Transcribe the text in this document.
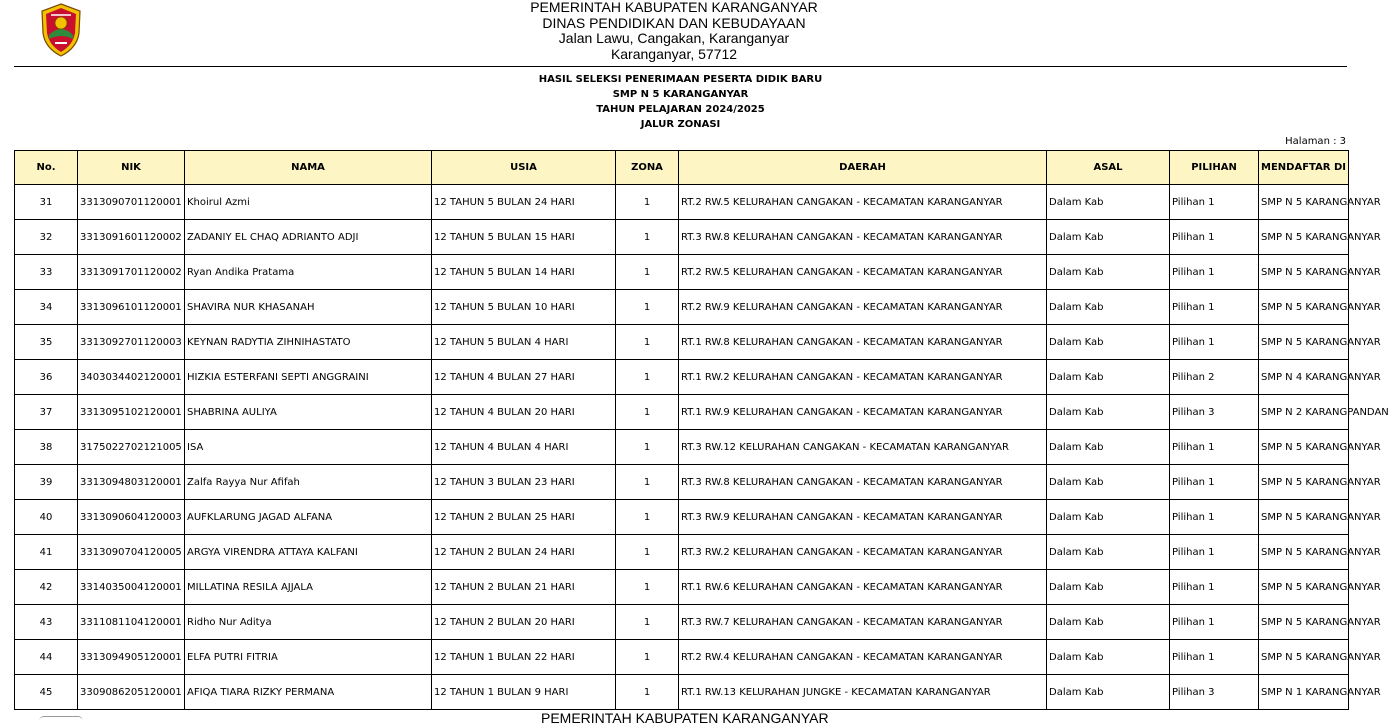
PEMERINTAH KABUPATEN KARANGANYAR
DINAS PENDIDIKAN DAN KEBUDAYAAN
Jalan Lawu, Cangakan, Karanganyar
Karanganyar, 57712
HASIL SELEKSI PENERIMAAN PESERTA DIDIK BARU
SMP N 5 KARANGANYAR
TAHUN PELAJARAN 2024/2025
JALUR ZONASI
Halaman : 3
No.	NIK	NAMA	USIA	ZONA	DAERAH	ASAL	PILIHAN	MENDAFTAR DI
31	3313090701120001	Khoirul Azmi	12 TAHUN 5 BULAN 24 HARI	1	RT.2 RW.5 KELURAHAN CANGAKAN - KECAMATAN KARANGANYAR	Dalam Kab	Pilihan 1	SMP N 5 KARANGANYAR
32	3313091601120002	ZADANIY EL CHAQ ADRIANTO ADJI	12 TAHUN 5 BULAN 15 HARI	1	RT.3 RW.8 KELURAHAN CANGAKAN - KECAMATAN KARANGANYAR	Dalam Kab	Pilihan 1	SMP N 5 KARANGANYAR
33	3313091701120002	Ryan Andika Pratama	12 TAHUN 5 BULAN 14 HARI	1	RT.2 RW.5 KELURAHAN CANGAKAN - KECAMATAN KARANGANYAR	Dalam Kab	Pilihan 1	SMP N 5 KARANGANYAR
34	3313096101120001	SHAVIRA NUR KHASANAH	12 TAHUN 5 BULAN 10 HARI	1	RT.2 RW.9 KELURAHAN CANGAKAN - KECAMATAN KARANGANYAR	Dalam Kab	Pilihan 1	SMP N 5 KARANGANYAR
35	3313092701120003	KEYNAN RADYTIA ZIHNIHASTATO	12 TAHUN 5 BULAN 4 HARI	1	RT.1 RW.8 KELURAHAN CANGAKAN - KECAMATAN KARANGANYAR	Dalam Kab	Pilihan 1	SMP N 5 KARANGANYAR
36	3403034402120001	HIZKIA ESTERFANI SEPTI ANGGRAINI	12 TAHUN 4 BULAN 27 HARI	1	RT.1 RW.2 KELURAHAN CANGAKAN - KECAMATAN KARANGANYAR	Dalam Kab	Pilihan 2	SMP N 4 KARANGANYAR
37	3313095102120001	SHABRINA AULIYA	12 TAHUN 4 BULAN 20 HARI	1	RT.1 RW.9 KELURAHAN CANGAKAN - KECAMATAN KARANGANYAR	Dalam Kab	Pilihan 3	SMP N 2 KARANGPANDAN
38	3175022702121005	ISA	12 TAHUN 4 BULAN 4 HARI	1	RT.3 RW.12 KELURAHAN CANGAKAN - KECAMATAN KARANGANYAR	Dalam Kab	Pilihan 1	SMP N 5 KARANGANYAR
39	3313094803120001	Zalfa Rayya Nur Afifah	12 TAHUN 3 BULAN 23 HARI	1	RT.3 RW.8 KELURAHAN CANGAKAN - KECAMATAN KARANGANYAR	Dalam Kab	Pilihan 1	SMP N 5 KARANGANYAR
40	3313090604120003	AUFKLARUNG JAGAD ALFANA	12 TAHUN 2 BULAN 25 HARI	1	RT.3 RW.9 KELURAHAN CANGAKAN - KECAMATAN KARANGANYAR	Dalam Kab	Pilihan 1	SMP N 5 KARANGANYAR
41	3313090704120005	ARGYA VIRENDRA ATTAYA KALFANI	12 TAHUN 2 BULAN 24 HARI	1	RT.3 RW.2 KELURAHAN CANGAKAN - KECAMATAN KARANGANYAR	Dalam Kab	Pilihan 1	SMP N 5 KARANGANYAR
42	3314035004120001	MILLATINA RESILA AJJALA	12 TAHUN 2 BULAN 21 HARI	1	RT.1 RW.6 KELURAHAN CANGAKAN - KECAMATAN KARANGANYAR	Dalam Kab	Pilihan 1	SMP N 5 KARANGANYAR
43	3311081104120001	Ridho Nur Aditya	12 TAHUN 2 BULAN 20 HARI	1	RT.3 RW.7 KELURAHAN CANGAKAN - KECAMATAN KARANGANYAR	Dalam Kab	Pilihan 1	SMP N 5 KARANGANYAR
44	3313094905120001	ELFA PUTRI FITRIA	12 TAHUN 1 BULAN 22 HARI	1	RT.2 RW.4 KELURAHAN CANGAKAN - KECAMATAN KARANGANYAR	Dalam Kab	Pilihan 1	SMP N 5 KARANGANYAR
45	3309086205120001	AFIQA TIARA RIZKY PERMANA	12 TAHUN 1 BULAN 9 HARI	1	RT.1 RW.13 KELURAHAN JUNGKE - KECAMATAN KARANGANYAR	Dalam Kab	Pilihan 3	SMP N 1 KARANGANYAR
PEMERINTAH KABUPATEN KARANGANYAR
